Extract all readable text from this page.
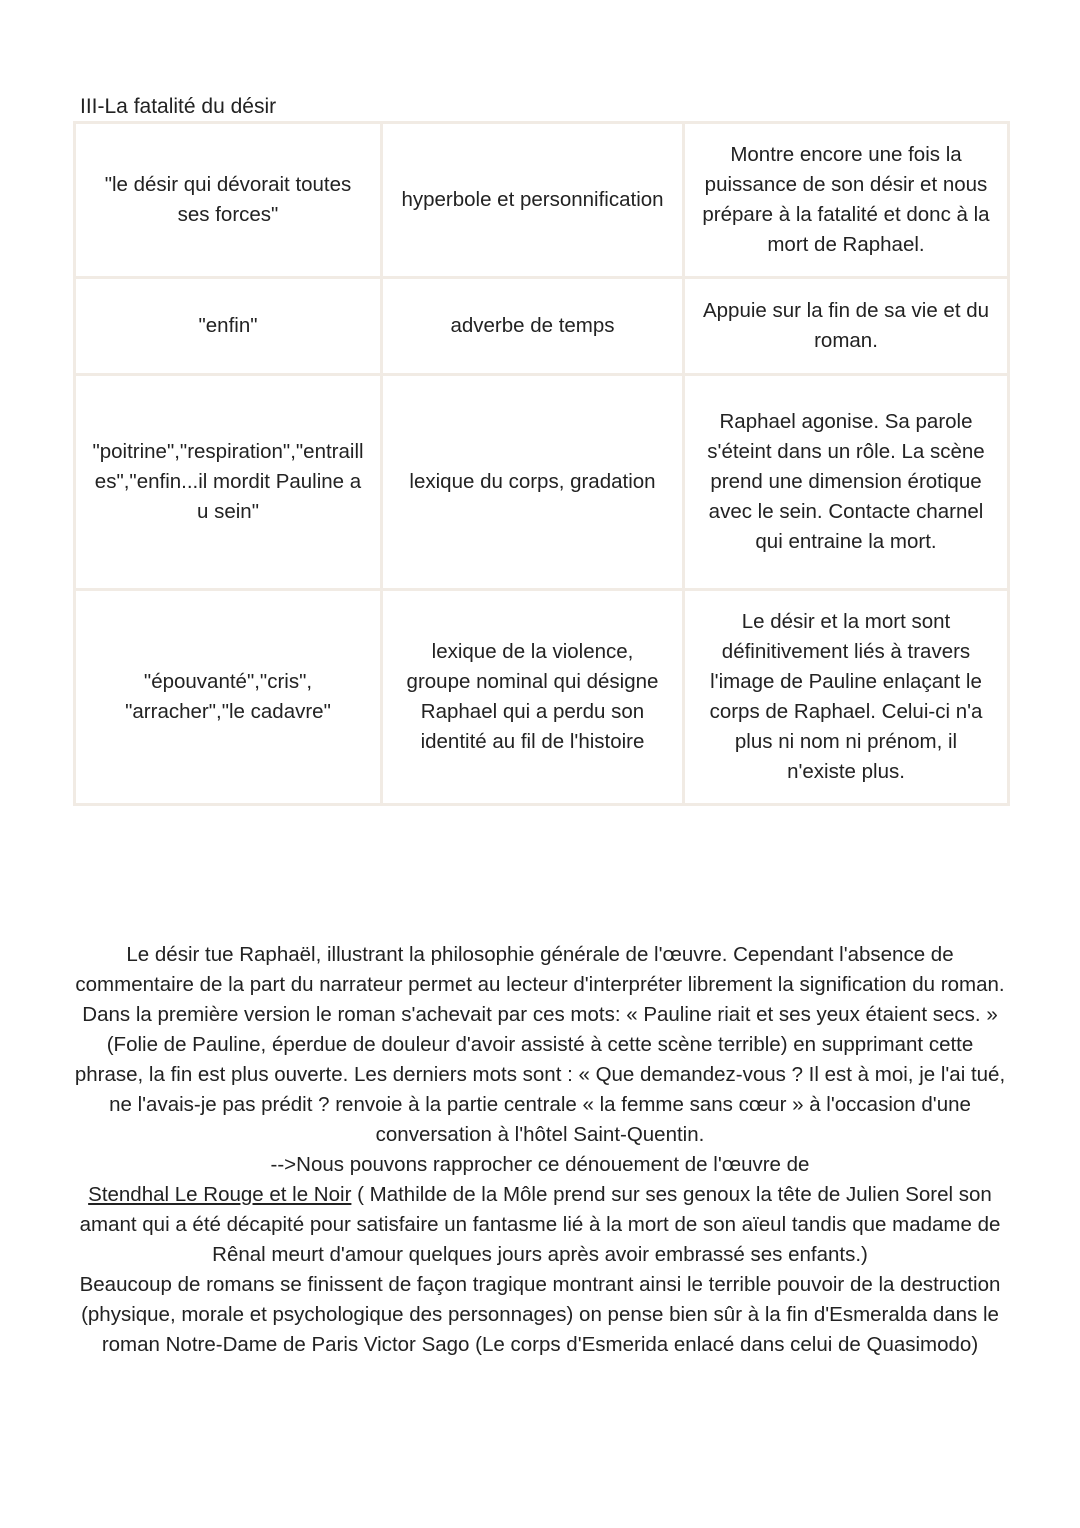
III-La fatalité du désir
"le désir qui dévorait toutes ses forces"	hyperbole et personnification	Montre encore une fois la puissance de son désir et nous prépare à la fatalité et donc à la mort de Raphael.
"enfin"	adverbe de temps	Appuie sur la fin de sa vie et du roman.
"poitrine","respiration","entrailles","enfin...il mordit Pauline au sein"	lexique du corps, gradation	Raphael agonise. Sa parole s'éteint dans un rôle. La scène prend une dimension érotique avec le sein. Contacte charnel qui entraine la mort.
"épouvanté","cris", "arracher","le cadavre"	lexique de la violence, groupe nominal qui désigne Raphael qui a perdu son identité au fil de l'histoire	Le désir et la mort sont définitivement liés à travers l'image de Pauline enlaçant le corps de Raphael. Celui-ci n'a plus ni nom ni prénom, il n'existe plus.

Le désir tue Raphaël, illustrant la philosophie générale de l'œuvre. Cependant l'absence de commentaire de la part du narrateur permet au lecteur d'interpréter librement la signification du roman.

Dans la première version le roman s'achevait par ces mots: « Pauline riait et ses yeux étaient secs. » (Folie de Pauline, éperdue de douleur d'avoir assisté à cette scène terrible) en supprimant cette phrase, la fin est plus ouverte. Les derniers mots sont : « Que demandez-vous ? Il est à moi, je l'ai tué, ne l'avais-je pas prédit ? renvoie à la partie centrale « la femme sans cœur » à l'occasion d'une conversation à l'hôtel Saint-Quentin.

-->Nous pouvons rapprocher ce dénouement de l'œuvre de

Stendhal Le Rouge et le Noir ( Mathilde de la Môle prend sur ses genoux la tête de Julien Sorel son amant qui a été décapité pour satisfaire un fantasme lié à la mort de son aïeul tandis que madame de Rênal meurt d'amour quelques jours après avoir embrassé ses enfants.)

Beaucoup de romans se finissent de façon tragique montrant ainsi le terrible pouvoir de la destruction (physique, morale et psychologique des personnages) on pense bien sûr à la fin d'Esmeralda dans le roman Notre-Dame de Paris Victor Sago (Le corps d'Esmerida enlacé dans celui de Quasimodo)
